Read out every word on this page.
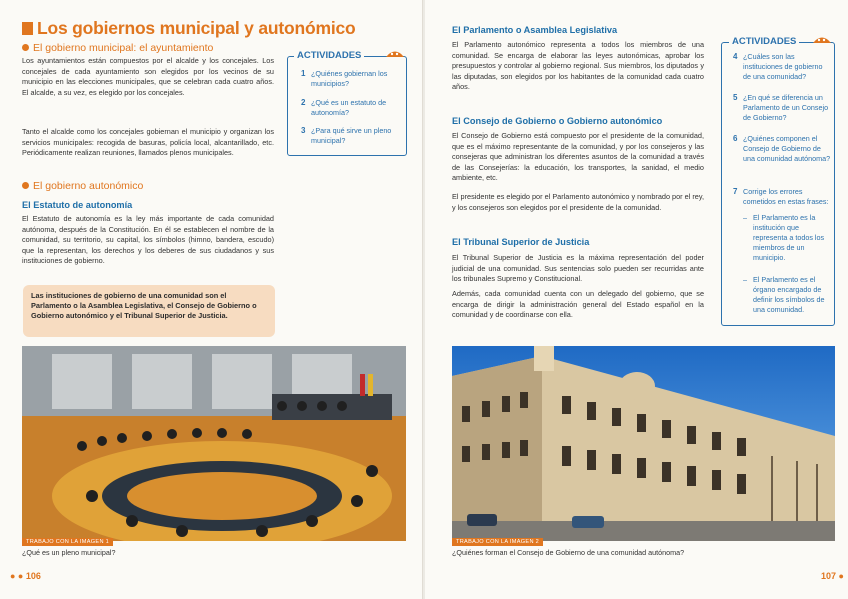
Los gobiernos municipal y autonómico
El gobierno municipal: el ayuntamiento
Los ayuntamientos están compuestos por el alcalde y los concejales. Los concejales de cada ayuntamiento son elegidos por los vecinos de su municipio en las elecciones municipales, que se celebran cada cuatro años. El alcalde, a su vez, es elegido por los concejales.
Tanto el alcalde como los concejales gobiernan el municipio y organizan los servicios municipales: recogida de basuras, policía local, alcantarillado, etc. Periódicamente realizan reuniones, llamados plenos municipales.
El gobierno autonómico
El Estatuto de autonomía
El Estatuto de autonomía es la ley más importante de cada comunidad autónoma, después de la Constitución. En él se establecen el nombre de la comunidad, su territorio, su capital, los símbolos (himno, bandera, escudo) que la representan, los derechos y los deberes de sus ciudadanos y sus instituciones de gobierno.
Las instituciones de gobierno de una comunidad son el Parlamento o la Asamblea Legislativa, el Consejo de Gobierno o Gobierno autonómico y el Tribunal Superior de Justicia.
ACTIVIDADES
1 ¿Quiénes gobiernan los municipios?
2 ¿Qué es un estatuto de autonomía?
3 ¿Para qué sirve un pleno municipal?
TRABAJO CON LA IMAGEN 1
¿Qué es un pleno municipal?
● ● 106
El Parlamento o Asamblea Legislativa
El Parlamento autonómico representa a todos los miembros de una comunidad. Se encarga de elaborar las leyes autonómicas, aprobar los presupuestos y controlar al gobierno regional. Sus miembros, los diputados y las diputadas, son elegidos por los habitantes de la comunidad cada cuatro años.
El Consejo de Gobierno o Gobierno autonómico
El Consejo de Gobierno está compuesto por el presidente de la comunidad, que es el máximo representante de la comunidad, y por los consejeros y las consejeras que administran los diferentes asuntos de la comunidad a través de las Consejerías: la educación, los transportes, la sanidad, el medio ambiente, etc.
El presidente es elegido por el Parlamento autonómico y nombrado por el rey, y los consejeros son elegidos por el presidente de la comunidad.
El Tribunal Superior de Justicia
El Tribunal Superior de Justicia es la máxima representación del poder judicial de una comunidad. Sus sentencias solo pueden ser recurridas ante los tribunales Supremo y Constitucional.
Además, cada comunidad cuenta con un delegado del gobierno, que se encarga de dirigir la administración general del Estado español en la comunidad y de coordinarse con ella.
ACTIVIDADES
4 ¿Cuáles son las instituciones de gobierno de una comunidad?
5 ¿En qué se diferencia un Parlamento de un Consejo de Gobierno?
6 ¿Quiénes componen el Consejo de Gobierno de una comunidad autónoma?
7 Corrige los errores cometidos en estas frases:
– El Parlamento es la institución que representa a todos los miembros de un municipio.
– El Parlamento es el órgano encargado de definir los símbolos de una comunidad.
TRABAJO CON LA IMAGEN 2
¿Quiénes forman el Consejo de Gobierno de una comunidad autónoma?
107 ●
